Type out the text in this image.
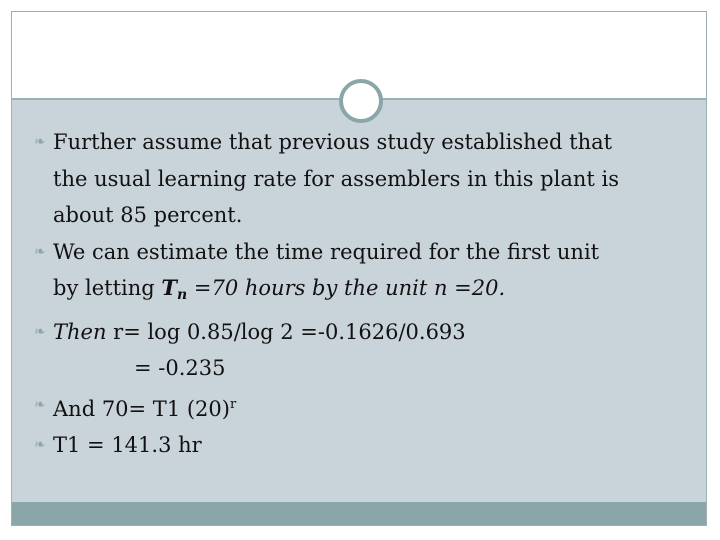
❧ Further assume that previous study established that
the usual learning rate for assemblers in this plant is
about 85 percent.
❧ We can estimate the time required for the first unit
by letting $T_n =70$ hours by the unit n =20.
❧ Then r= log 0.85/log 2 =-0.1626/0.693
= -0.235
❧ And 70= T1 $(20)^r$
❧ T1 = 141.3 hr
